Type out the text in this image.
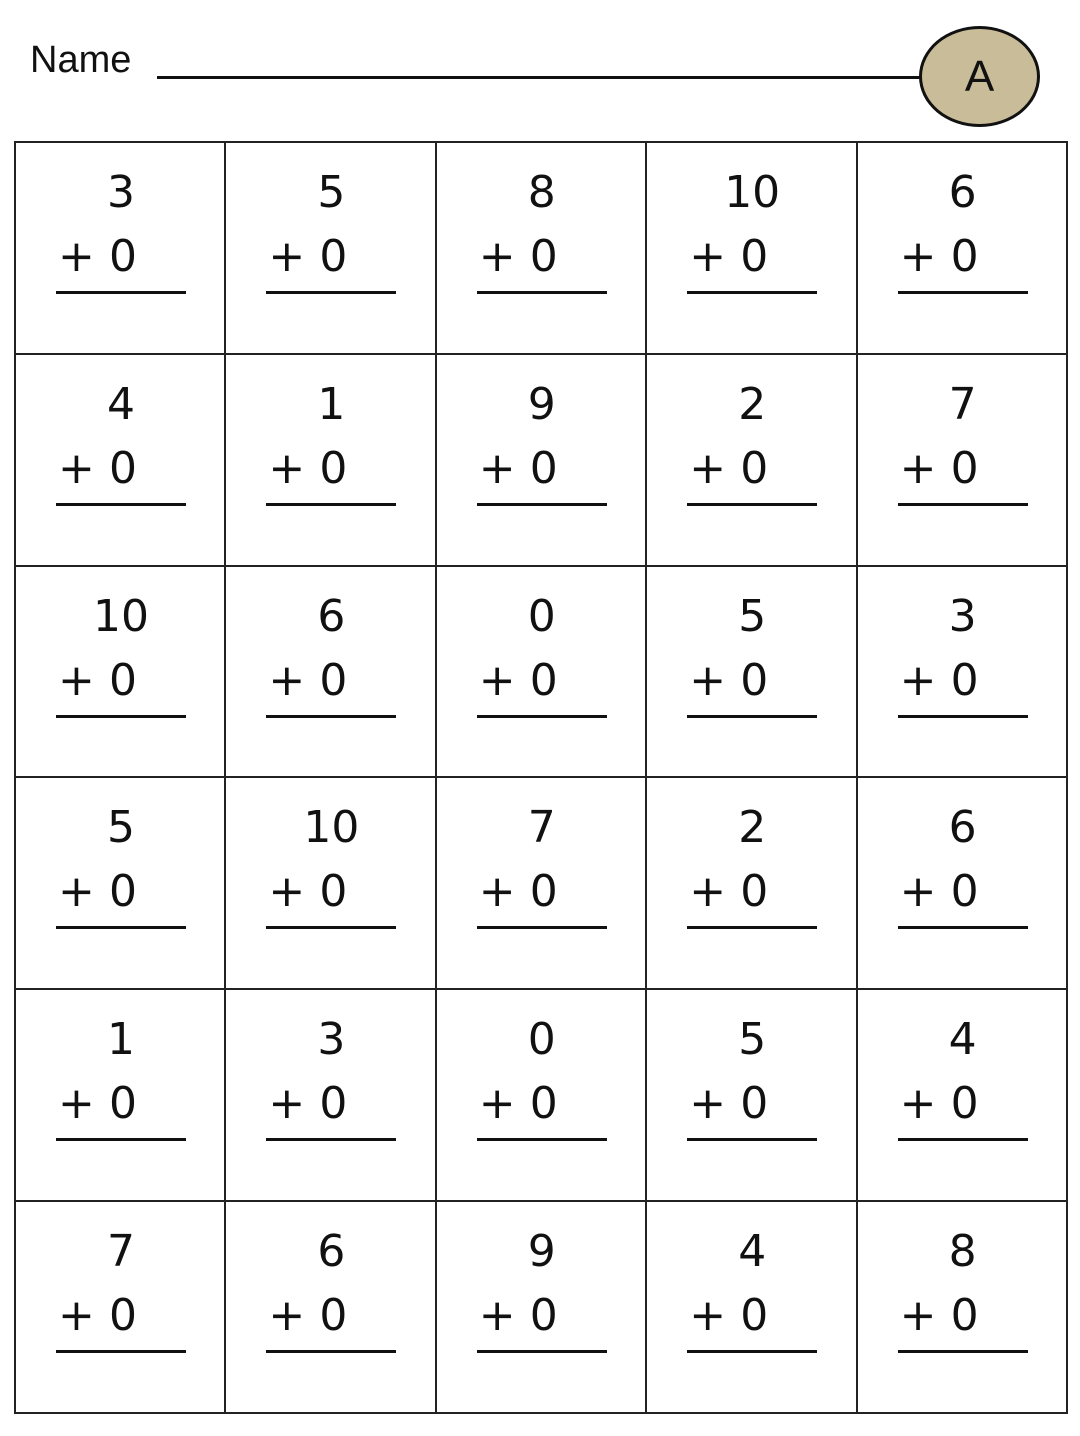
Name	A
3
+ 0
5
+ 0
8
+ 0
10
+ 0
6
+ 0
4
+ 0
1
+ 0
9
+ 0
2
+ 0
7
+ 0
10
+ 0
6
+ 0
0
+ 0
5
+ 0
3
+ 0
5
+ 0
10
+ 0
7
+ 0
2
+ 0
6
+ 0
1
+ 0
3
+ 0
0
+ 0
5
+ 0
4
+ 0
7
+ 0
6
+ 0
9
+ 0
4
+ 0
8
+ 0
